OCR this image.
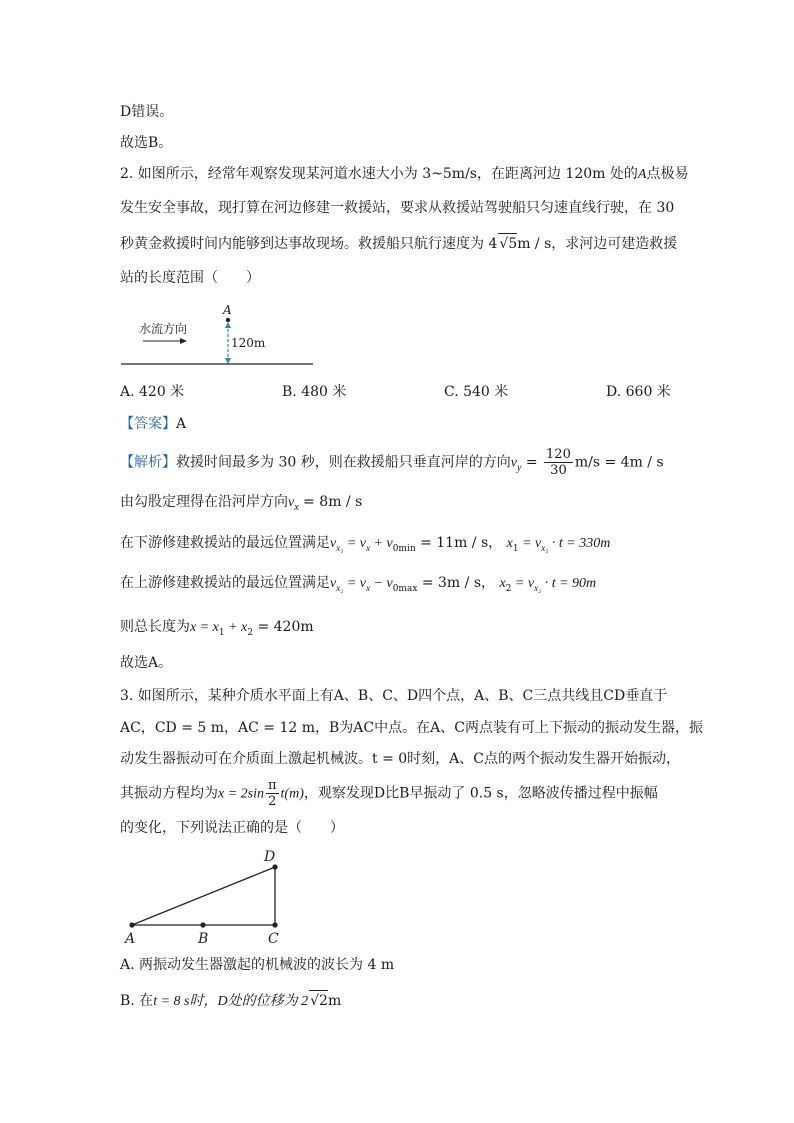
D错误。
故选B。
2. 如图所示，经常年观察发现某河道水速大小为 3~5m/s，在距离河边 120m 处的A点极易
发生安全事故，现打算在河边修建一救援站，要求从救援站驾驶船只匀速直线行驶，在 30
秒黄金救援时间内能够到达事故现场。救援船只航行速度为 4 √5m / s，求河边可建造救援
站的长度范围（　　）
A
水流方向
120m
A. 420 米	B. 480 米	C. 540 米	D. 660 米
【答案】A
【解析】救援时间最多为 30 秒，则在救援船只垂直河岸的方向$v_y = \frac{120}{30} m/s = 4m / s$
由勾股定理得在沿河岸方向$v_x = 8m / s$
在下游修建救援站的最远位置满足$v_{x_1} = v_x + v_{0min} = 11m / s$， $x_1 = v_{x_1} \cdot t = 330m$
在上游修建救援站的最远位置满足$v_{x_2} = v_x - v_{0max} = 3m / s$， $x_2 = v_{x_2} \cdot t = 90m$
则总长度为$x = x_1 + x_2 = 420m$
故选A。
3. 如图所示，某种介质水平面上有A、B、C、D四个点，A、B、C三点共线且CD垂直于
AC，CD = 5 m，AC = 12 m，B为AC中点。在A、C两点装有可上下振动的振动发生器，振
动发生器振动可在介质面上激起机械波。t = 0时刻，A、C点的两个振动发生器开始振动，
其振动方程均为$x = 2\sin \frac{\pi}{2} t(m)$，观察发现D比B早振动了 0.5 s，忽略波传播过程中振幅
的变化，下列说法正确的是（　　）
A	B	C
D
A. 两振动发生器激起的机械波的波长为 4 m
B. 在t = 8 s时，D处的位移为 2 √2m
